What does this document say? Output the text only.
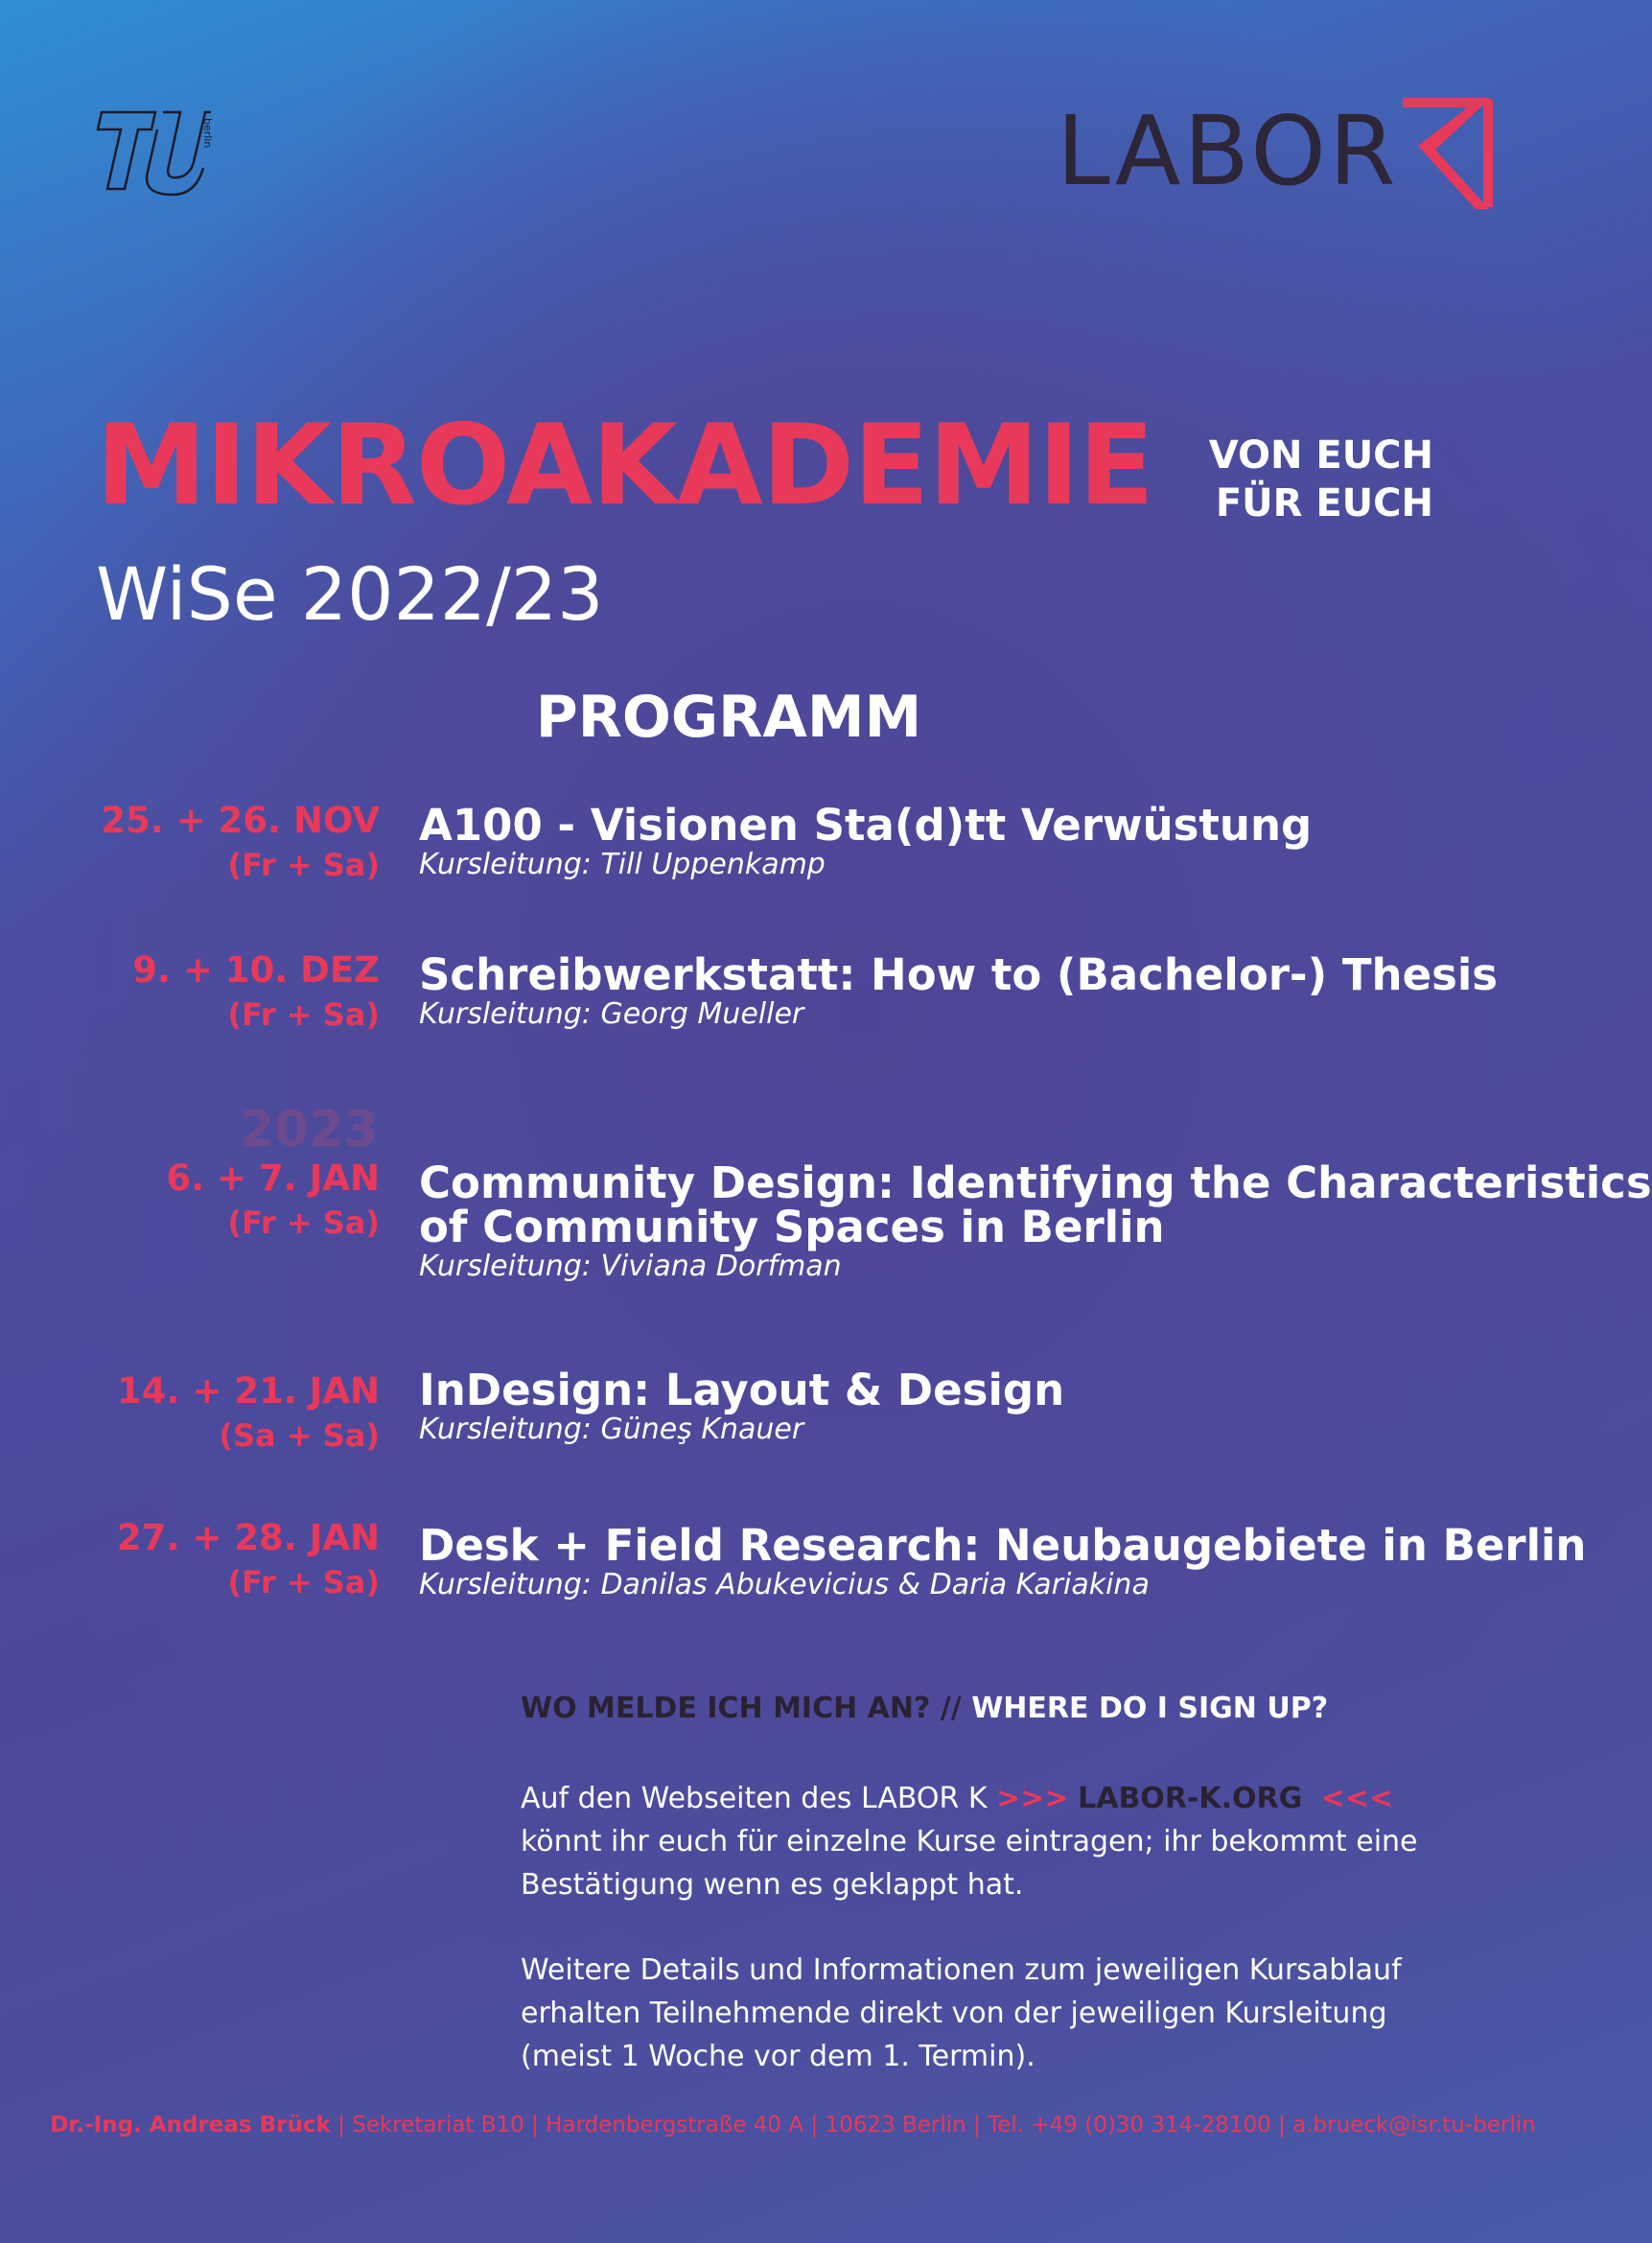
berlin	LABOR
MIKROAKADEMIE	VON EUCH
FÜR EUCH
WiSe 2022/23
PROGRAMM
25. + 26. NOV
(Fr + Sa)
A100 - Visionen Sta(d)tt Verwüstung
Kursleitung: Till Uppenkamp
9. + 10. DEZ
(Fr + Sa)
Schreibwerkstatt: How to (Bachelor-) Thesis
Kursleitung: Georg Mueller
2023
6. + 7. JAN
(Fr + Sa)
Community Design: Identifying the Characteristics
of Community Spaces in Berlin
Kursleitung: Viviana Dorfman
14. + 21. JAN
(Sa + Sa)
InDesign: Layout & Design
Kursleitung: Güneş Knauer
27. + 28. JAN
(Fr + Sa)
Desk + Field Research: Neubaugebiete in Berlin
Kursleitung: Danilas Abukevicius & Daria Kariakina
WO MELDE ICH MICH AN? // WHERE DO I SIGN UP?
Auf den Webseiten des LABOR K >>> LABOR-K.ORG <<<
könnt ihr euch für einzelne Kurse eintragen; ihr bekommt eine
Bestätigung wenn es geklappt hat.
Weitere Details und Informationen zum jeweiligen Kursablauf
erhalten Teilnehmende direkt von der jeweiligen Kursleitung
(meist 1 Woche vor dem 1. Termin).
Dr.-Ing. Andreas Brück | Sekretariat B10 | Hardenbergstraße 40 A | 10623 Berlin | Tel. +49 (0)30 314-28100 | a.brueck@isr.tu-berlin
